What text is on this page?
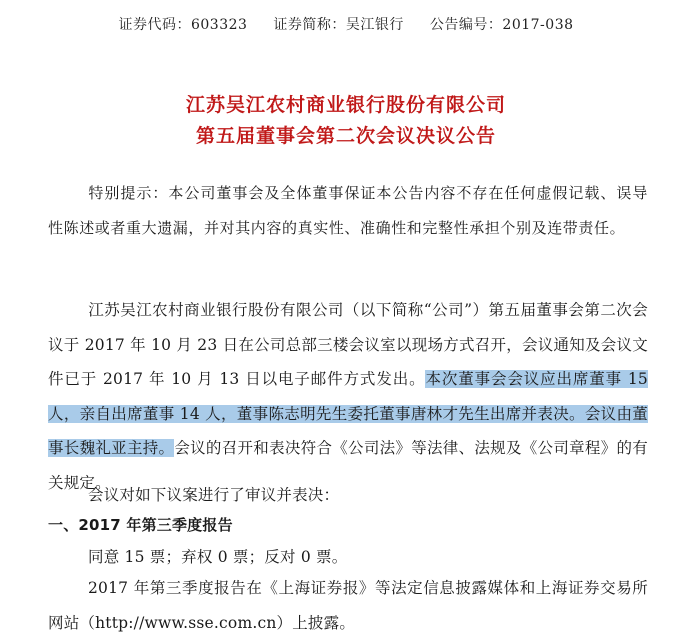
证券代码：603323 证券简称：吴江银行 公告编号：2017-038
江苏吴江农村商业银行股份有限公司
第五届董事会第二次会议决议公告

特别提示：本公司董事会及全体董事保证本公告内容不存在任何虚假记载、误导性陈述或者重大遗漏，并对其内容的真实性、准确性和完整性承担个别及连带责任。

江苏吴江农村商业银行股份有限公司（以下简称“公司”）第五届董事会第二次会议于 2017 年 10 月 23 日在公司总部三楼会议室以现场方式召开，会议通知及会议文件已于 2017 年 10 月 13 日以电子邮件方式发出。本次董事会会议应出席董事 15 人，亲自出席董事 14 人，董事陈志明先生委托董事唐林才先生出席并表决。会议由董事长魏礼亚主持。会议的召开和表决符合《公司法》等法律、法规及《公司章程》的有关规定。

会议对如下议案进行了审议并表决：

一、2017 年第三季度报告

同意 15 票；弃权 0 票；反对 0 票。

2017 年第三季度报告在《上海证券报》等法定信息披露媒体和上海证券交易所网站（http://www.sse.com.cn）上披露。
